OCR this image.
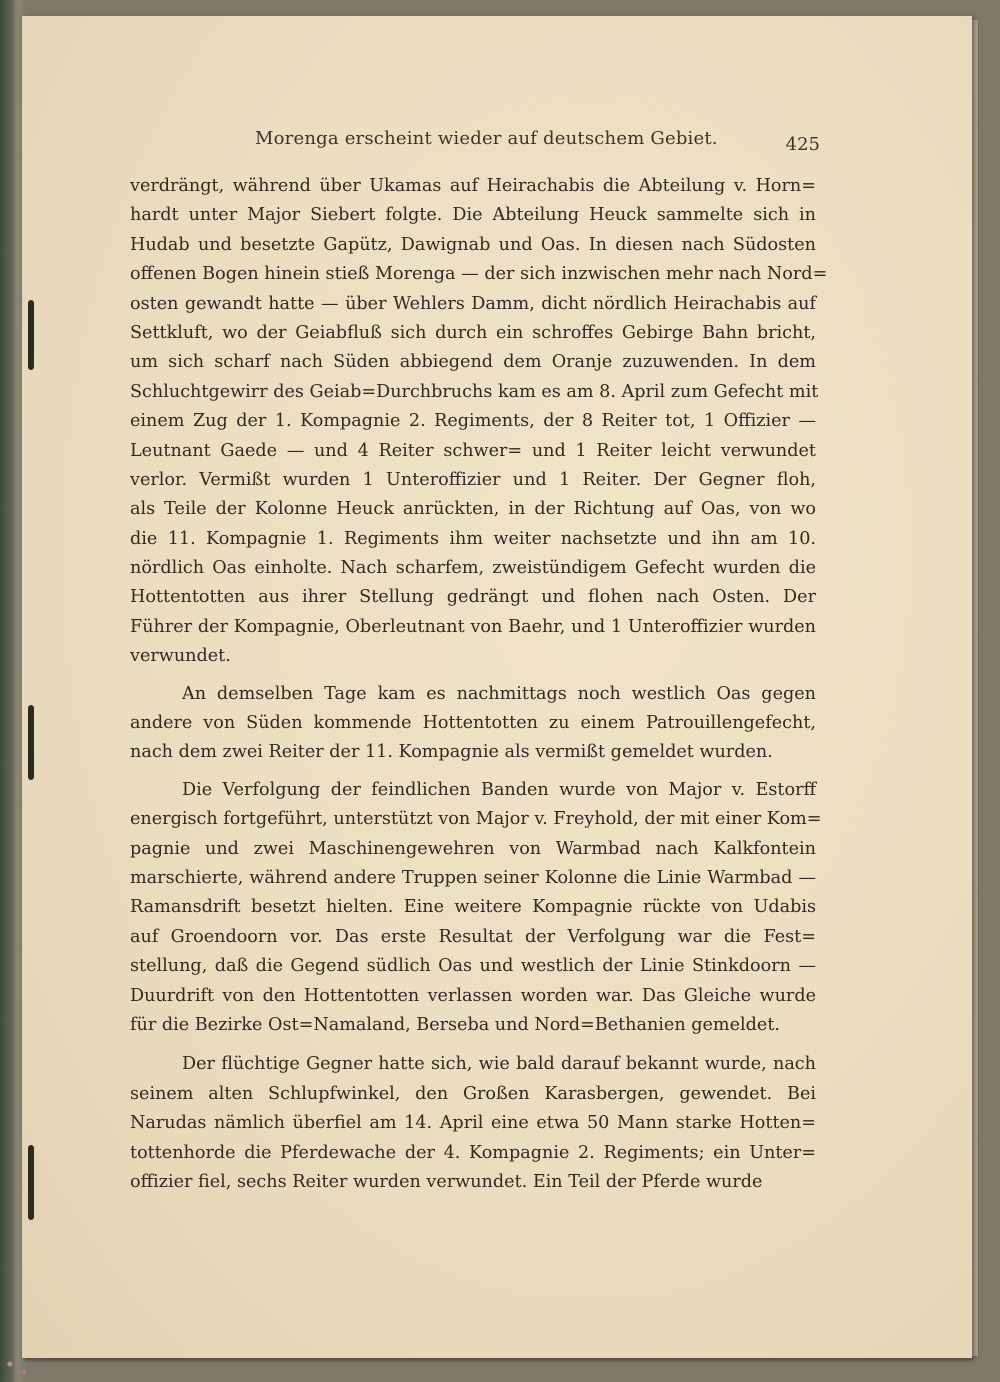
Morenga erscheint wieder auf deutschem Gebiet.	425

verdrängt, während über Ukamas auf Heirachabis die Abteilung v. Horn=
hardt unter Major Siebert folgte. Die Abteilung Heuck sammelte sich in
Hudab und besetzte Gapütz, Dawignab und Oas. In diesen nach Südosten
offenen Bogen hinein stieß Morenga — der sich inzwischen mehr nach Nord=
osten gewandt hatte — über Wehlers Damm, dicht nördlich Heirachabis auf
Settkluft, wo der Geiabfluß sich durch ein schroffes Gebirge Bahn bricht,
um sich scharf nach Süden abbiegend dem Oranje zuzuwenden. In dem
Schluchtgewirr des Geiab=Durchbruchs kam es am 8. April zum Gefecht mit
einem Zug der 1. Kompagnie 2. Regiments, der 8 Reiter tot, 1 Offizier —
Leutnant Gaede — und 4 Reiter schwer= und 1 Reiter leicht verwundet
verlor. Vermißt wurden 1 Unteroffizier und 1 Reiter. Der Gegner floh,
als Teile der Kolonne Heuck anrückten, in der Richtung auf Oas, von wo
die 11. Kompagnie 1. Regiments ihm weiter nachsetzte und ihn am 10.
nördlich Oas einholte. Nach scharfem, zweistündigem Gefecht wurden die
Hottentotten aus ihrer Stellung gedrängt und flohen nach Osten. Der
Führer der Kompagnie, Oberleutnant von Baehr, und 1 Unteroffizier wurden
verwundet.

An demselben Tage kam es nachmittags noch westlich Oas gegen
andere von Süden kommende Hottentotten zu einem Patrouillengefecht,
nach dem zwei Reiter der 11. Kompagnie als vermißt gemeldet wurden.

Die Verfolgung der feindlichen Banden wurde von Major v. Estorff
energisch fortgeführt, unterstützt von Major v. Freyhold, der mit einer Kom=
pagnie und zwei Maschinengewehren von Warmbad nach Kalkfontein
marschierte, während andere Truppen seiner Kolonne die Linie Warmbad —
Ramansdrift besetzt hielten. Eine weitere Kompagnie rückte von Udabis
auf Groendoorn vor. Das erste Resultat der Verfolgung war die Fest=
stellung, daß die Gegend südlich Oas und westlich der Linie Stinkdoorn —
Duurdrift von den Hottentotten verlassen worden war. Das Gleiche wurde
für die Bezirke Ost=Namaland, Berseba und Nord=Bethanien gemeldet.

Der flüchtige Gegner hatte sich, wie bald darauf bekannt wurde, nach
seinem alten Schlupfwinkel, den Großen Karasbergen, gewendet. Bei
Narudas nämlich überfiel am 14. April eine etwa 50 Mann starke Hotten=
tottenhorde die Pferdewache der 4. Kompagnie 2. Regiments; ein Unter=
offizier fiel, sechs Reiter wurden verwundet. Ein Teil der Pferde wurde
